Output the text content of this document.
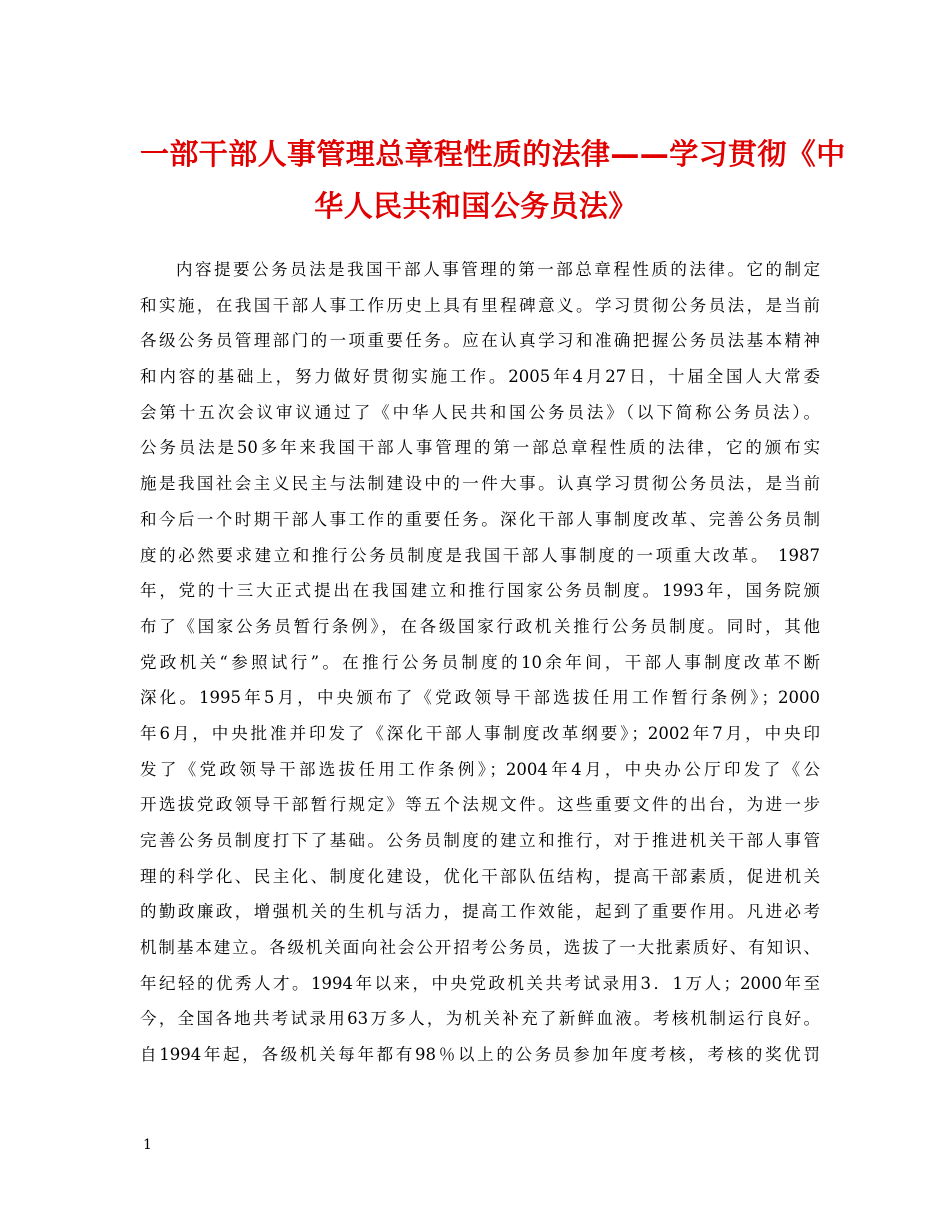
一部干部人事管理总章程性质的法律——学习贯彻《中
华人民共和国公务员法》
内容提要公务员法是我国干部人事管理的第一部总章程性质的法律。它的制定
和实施，在我国干部人事工作历史上具有里程碑意义。学习贯彻公务员法，是当前
各级公务员管理部门的一项重要任务。应在认真学习和准确把握公务员法基本精神
和内容的基础上，努力做好贯彻实施工作。2005年4月27日，十届全国人大常委
会第十五次会议审议通过了《中华人民共和国公务员法》（以下简称公务员法）。
公务员法是50多年来我国干部人事管理的第一部总章程性质的法律，它的颁布实
施是我国社会主义民主与法制建设中的一件大事。认真学习贯彻公务员法，是当前
和今后一个时期干部人事工作的重要任务。深化干部人事制度改革、完善公务员制
度的必然要求建立和推行公务员制度是我国干部人事制度的一项重大改革。 1987
年，党的十三大正式提出在我国建立和推行国家公务员制度。1993年，国务院颁
布了《国家公务员暂行条例》，在各级国家行政机关推行公务员制度。同时，其他
党政机关“参照试行”。在推行公务员制度的10余年间，干部人事制度改革不断
深化。1995年5月，中央颁布了《党政领导干部选拔任用工作暂行条例》；2000
年6月，中央批准并印发了《深化干部人事制度改革纲要》；2002年7月，中央印
发了《党政领导干部选拔任用工作条例》；2004年4月，中央办公厅印发了《公
开选拔党政领导干部暂行规定》等五个法规文件。这些重要文件的出台，为进一步
完善公务员制度打下了基础。公务员制度的建立和推行，对于推进机关干部人事管
理的科学化、民主化、制度化建设，优化干部队伍结构，提高干部素质，促进机关
的勤政廉政，增强机关的生机与活力，提高工作效能，起到了重要作用。凡进必考
机制基本建立。各级机关面向社会公开招考公务员，选拔了一大批素质好、有知识、
年纪轻的优秀人才。1994年以来，中央党政机关共考试录用3．1万人；2000年至
今，全国各地共考试录用63万多人，为机关补充了新鲜血液。考核机制运行良好。
自1994年起，各级机关每年都有98％以上的公务员参加年度考核，考核的奖优罚
1
